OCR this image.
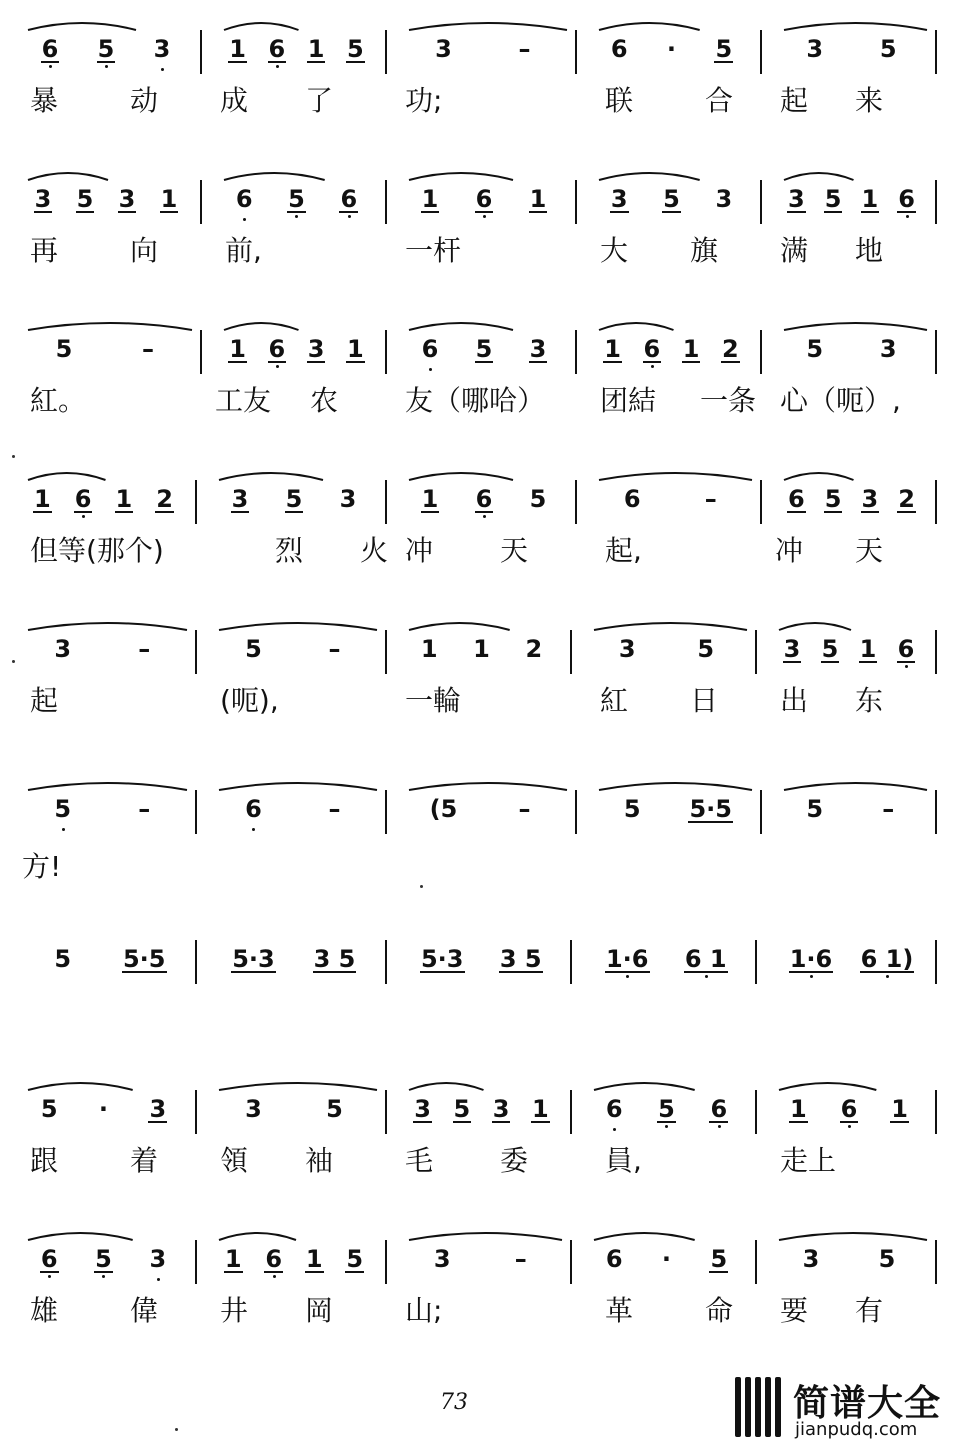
6	5	3	1 6 1 5	3	–	6	·	5	3	5
暴	动 成 了	功;	联	合 起 来
3	5	3	1	6	5	6	1	6	1	3	5	3	3 5 1 6
再	向 前,	一杆	大 旗 满 地
5	–	1 6 3 1	6	5	3	1 6 1 2	5	3
紅。	工友 农 友（哪哈） 团結 一条 心（呃）,
1	6	1	2	3	5	3	1	6	5	6	–	6 5 3 2
但等(那个)	烈 火 冲 天	起,	冲 天
3	–	5	–	1	1	2	3	5	3 5 1 6
起	(呃),	一輪	紅 日 出 东
5	–	6	–	(5	–	5	5·5	5	–
方!
5	5·5	5·3	3 5	5·3	3 5	1·6	6 1	1·6	6 1)
5	·	3	3	5	3 5 3 1	6	5	6	1	6	1
跟	着 領 袖	毛 委	員,	走上
6	5	3	1 6 1 5	3	–	6	·	5	3	5
雄	偉 井 岡	山;	革	命 要 有
73	简谱大全
jianpudq.com
